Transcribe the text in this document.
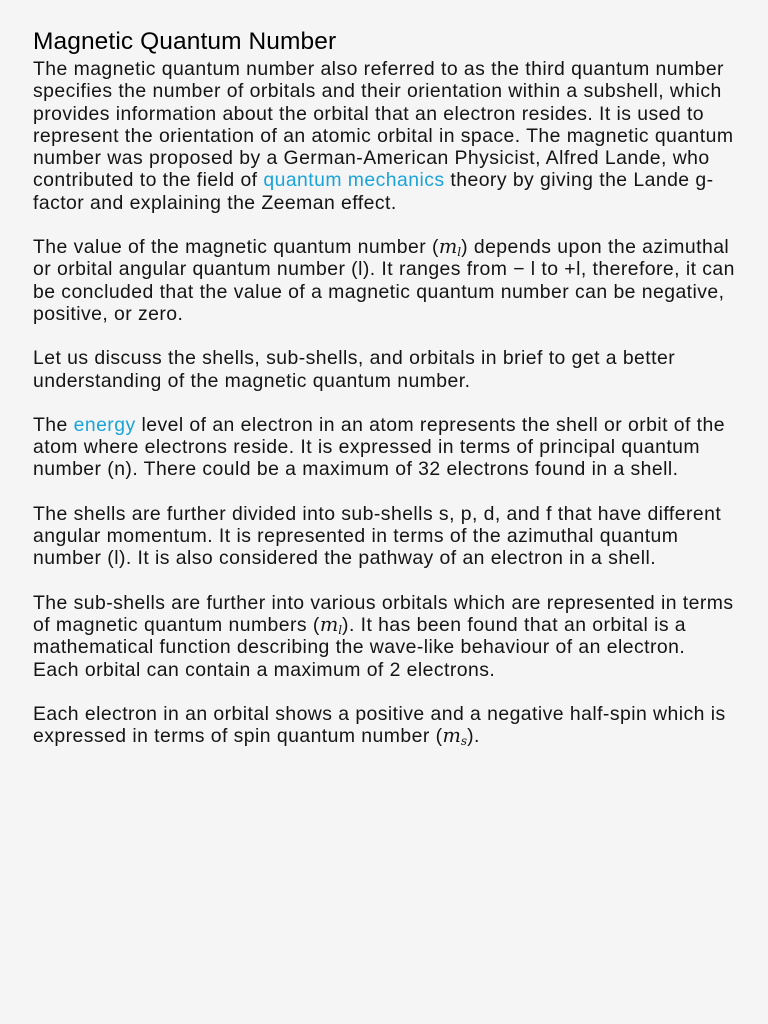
Magnetic Quantum Number

The magnetic quantum number also referred to as the third quantum number specifies the number of orbitals and their orientation within a subshell, which provides information about the orbital that an electron resides. It is used to represent the orientation of an atomic orbital in space. The magnetic quantum number was proposed by a German-American Physicist, Alfred Lande, who contributed to the field of quantum mechanics theory by giving the Lande g-factor and explaining the Zeeman effect.

The value of the magnetic quantum number $(m_l)$ depends upon the azimuthal or orbital angular quantum number (l). It ranges from − l to +l, therefore, it can be concluded that the value of a magnetic quantum number can be negative, positive, or zero.

Let us discuss the shells, sub-shells, and orbitals in brief to get a better understanding of the magnetic quantum number.

The energy level of an electron in an atom represents the shell or orbit of the atom where electrons reside. It is expressed in terms of principal quantum number (n). There could be a maximum of 32 electrons found in a shell.

The shells are further divided into sub-shells s, p, d, and f that have different angular momentum. It is represented in terms of the azimuthal quantum number (l). It is also considered the pathway of an electron in a shell.

The sub-shells are further into various orbitals which are represented in terms of magnetic quantum numbers $(m_l)$. It has been found that an orbital is a mathematical function describing the wave-like behaviour of an electron. Each orbital can contain a maximum of 2 electrons.

Each electron in an orbital shows a positive and a negative half-spin which is expressed in terms of spin quantum number $(m_s)$.
